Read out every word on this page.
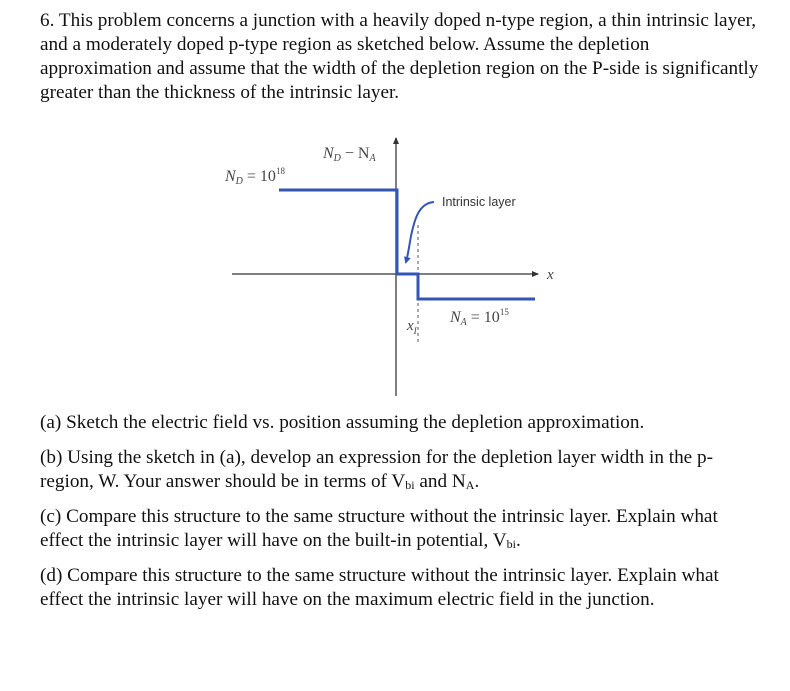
6. This problem concerns a junction with a heavily doped n-type region, a thin intrinsic layer, and a moderately doped p-type region as sketched below. Assume the depletion approximation and assume that the width of the depletion region on the P-side is significantly greater than the thickness of the intrinsic layer.

Intrinsic layer
ND − NA
ND = $10^{18}$
NA = $10^{15}$
$x_I$
x

(a) Sketch the electric field vs. position assuming the depletion approximation.

(b) Using the sketch in (a), develop an expression for the depletion layer width in the p-region, W. Your answer should be in terms of $V_{bi}$ and $N_A$.

(c) Compare this structure to the same structure without the intrinsic layer. Explain what effect the intrinsic layer will have on the built-in potential, $V_{bi}$.

(d) Compare this structure to the same structure without the intrinsic layer. Explain what effect the intrinsic layer will have on the maximum electric field in the junction.
